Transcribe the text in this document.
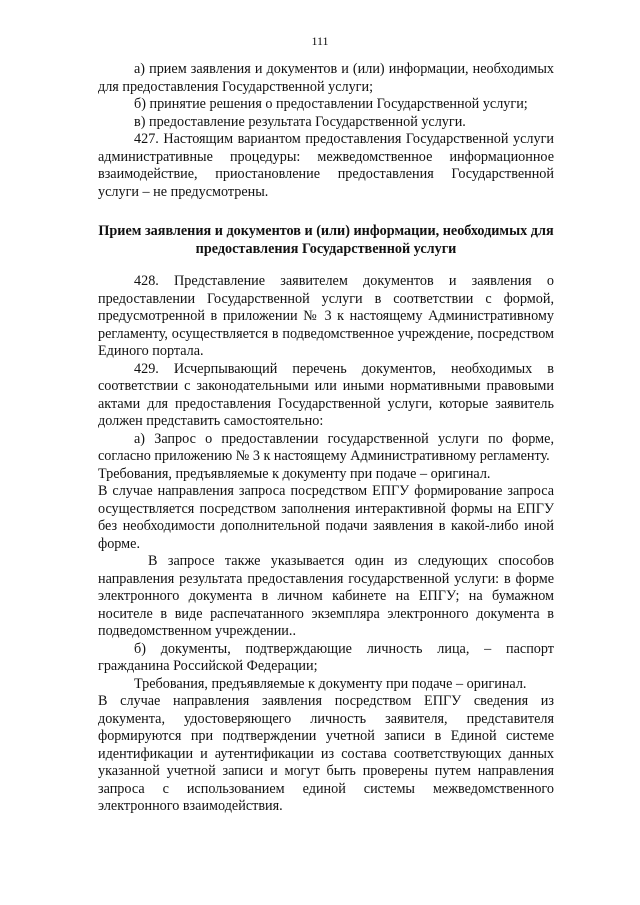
111

а) прием заявления и документов и (или) информации, необходимых для предоставления Государственной услуги;

б) принятие решения о предоставлении Государственной услуги;

в) предоставление результата Государственной услуги.

427. Настоящим вариантом предоставления Государственной услуги административные процедуры: межведомственное информационное взаимодействие, приостановление предоставления Государственной услуги – не предусмотрены.

Прием заявления и документов и (или) информации, необходимых для предоставления Государственной услуги

428. Представление заявителем документов и заявления о предоставлении Государственной услуги в соответствии с формой, предусмотренной в приложении № 3 к настоящему Административному регламенту, осуществляется в подведомственное учреждение, посредством Единого портала.

429. Исчерпывающий перечень документов, необходимых в соответствии с законодательными или иными нормативными правовыми актами для предоставления Государственной услуги, которые заявитель должен представить самостоятельно:

а) Запрос о предоставлении государственной услуги по форме, согласно приложению № 3 к настоящему Административному регламенту.

Требования, предъявляемые к документу при подаче – оригинал.

В случае направления запроса посредством ЕПГУ формирование запроса осуществляется посредством заполнения интерактивной формы на ЕПГУ без необходимости дополнительной подачи заявления в какой-либо иной форме.

В запросе также указывается один из следующих способов направления результата предоставления государственной услуги: в форме электронного документа в личном кабинете на ЕПГУ; на бумажном носителе в виде распечатанного экземпляра электронного документа в подведомственном учреждении..

б) документы, подтверждающие личность лица, – паспорт гражданина Российской Федерации;

Требования, предъявляемые к документу при подаче – оригинал.

В случае направления заявления посредством ЕПГУ сведения из документа, удостоверяющего личность заявителя, представителя формируются при подтверждении учетной записи в Единой системе идентификации и аутентификации из состава соответствующих данных указанной учетной записи и могут быть проверены путем направления запроса с использованием единой системы межведомственного электронного взаимодействия.
